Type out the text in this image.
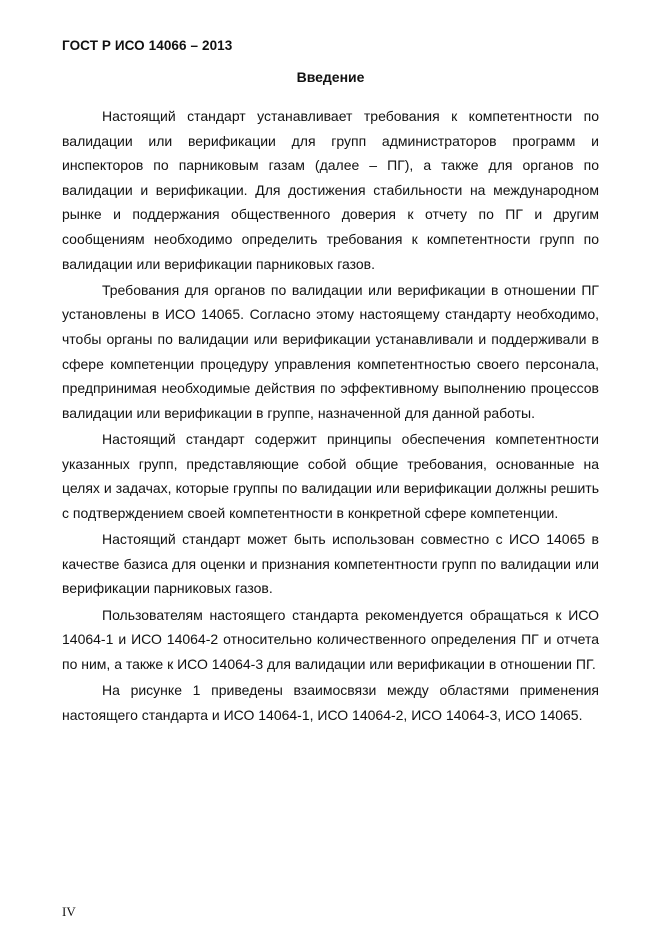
ГОСТ Р ИСО 14066 – 2013
Введение

Настоящий стандарт устанавливает требования к компетентности по валидации или верификации для групп администраторов программ и инспекторов по парниковым газам (далее – ПГ), а также для органов по валидации и верификации. Для достижения стабильности на международном рынке и поддержания общественного доверия к отчету по ПГ и другим сообщениям необходимо определить требования к компетентности групп по валидации или верификации парниковых газов.

Требования для органов по валидации или верификации в отношении ПГ установлены в ИСО 14065. Согласно этому настоящему стандарту необходимо, чтобы органы по валидации или верификации устанавливали и поддерживали в сфере компетенции процедуру управления компетентностью своего персонала, предпринимая необходимые действия по эффективному выполнению процессов валидации или верификации в группе, назначенной для данной работы.

Настоящий стандарт содержит принципы обеспечения компетентности указанных групп, представляющие собой общие требования, основанные на целях и задачах, которые группы по валидации или верификации должны решить с подтверждением своей компетентности в конкретной сфере компетенции.

Настоящий стандарт может быть использован совместно с ИСО 14065 в качестве базиса для оценки и признания компетентности групп по валидации или верификации парниковых газов.

Пользователям настоящего стандарта рекомендуется обращаться к ИСО 14064-1 и ИСО 14064-2 относительно количественного определения ПГ и отчета по ним, а также к ИСО 14064-3 для валидации или верификации в отношении ПГ.

На рисунке 1 приведены взаимосвязи между областями применения настоящего стандарта и ИСО 14064-1, ИСО 14064-2, ИСО 14064-3, ИСО 14065.

IV
